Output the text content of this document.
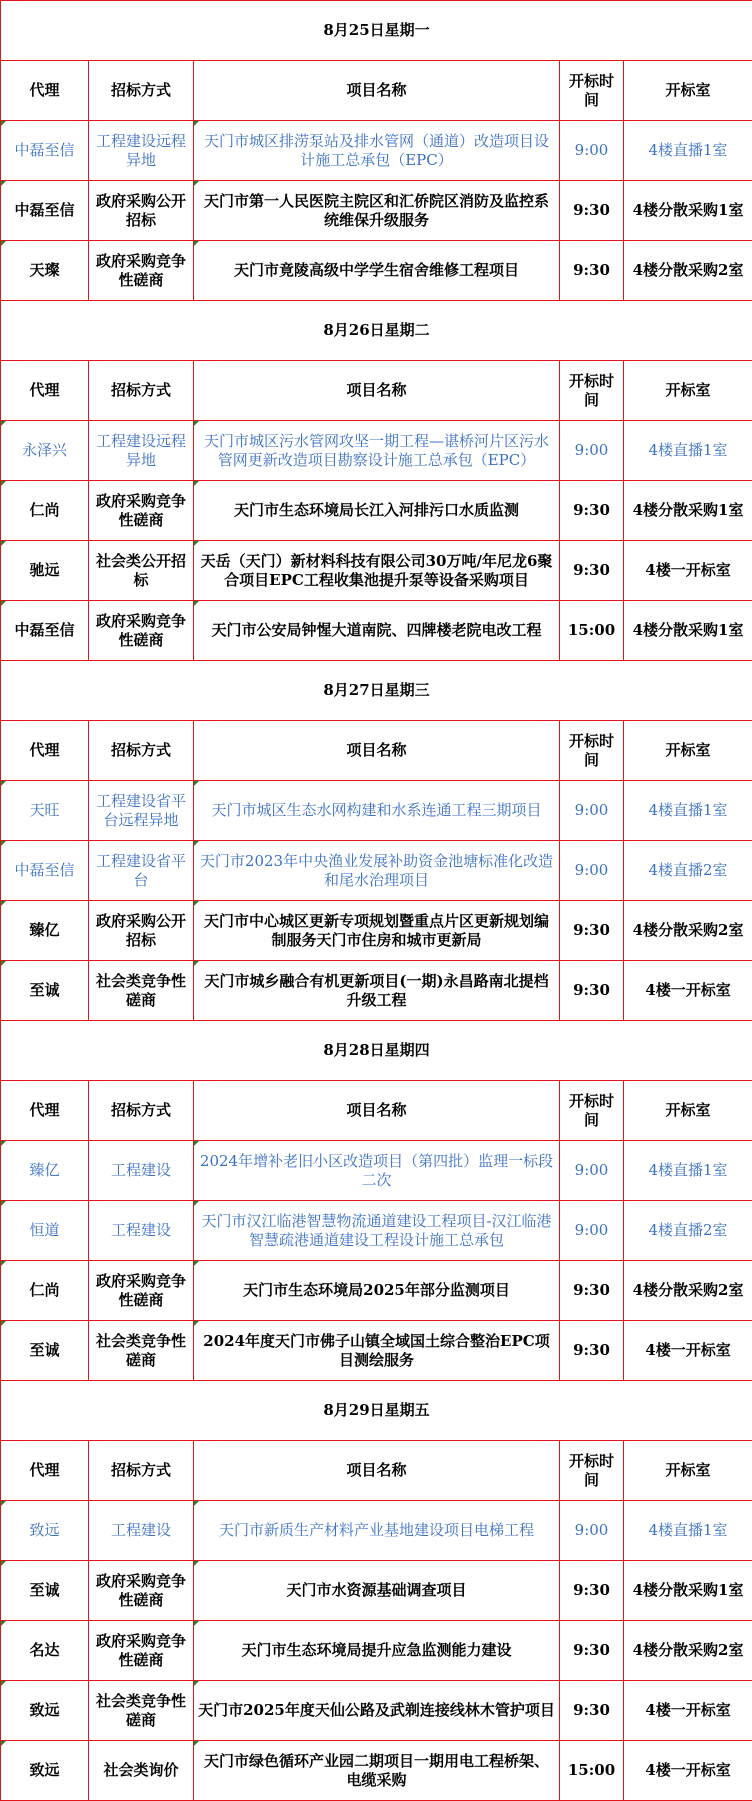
8月25日星期一				
代理	招标方式	项目名称	开标时间	开标室
中磊至信	工程建设远程异地	天门市城区排涝泵站及排水管网（通道）改造项目设计施工总承包（EPC）	9:00	4楼直播1室
中磊至信	政府采购公开招标	天门市第一人民医院主院区和汇侨院区消防及监控系统维保升级服务	9:30	4楼分散采购1室
天璨	政府采购竞争性磋商	天门市竟陵高级中学学生宿舍维修工程项目	9:30	4楼分散采购2室
8月26日星期二				
代理	招标方式	项目名称	开标时间	开标室
永泽兴	工程建设远程异地	天门市城区污水管网攻坚一期工程—谌桥河片区污水管网更新改造项目勘察设计施工总承包（EPC）	9:00	4楼直播1室
仁尚	政府采购竞争性磋商	天门市生态环境局长江入河排污口水质监测	9:30	4楼分散采购1室
驰远	社会类公开招标	天岳（天门）新材料科技有限公司30万吨/年尼龙6聚合项目EPC工程收集池提升泵等设备采购项目	9:30	4楼一开标室
中磊至信	政府采购竞争性磋商	天门市公安局钟惺大道南院、四牌楼老院电改工程	15:00	4楼分散采购1室
8月27日星期三				
代理	招标方式	项目名称	开标时间	开标室
天旺	工程建设省平台远程异地	天门市城区生态水网构建和水系连通工程三期项目	9:00	4楼直播1室
中磊至信	工程建设省平台	天门市2023年中央渔业发展补助资金池塘标准化改造和尾水治理项目	9:00	4楼直播2室
臻亿	政府采购公开招标	天门市中心城区更新专项规划暨重点片区更新规划编制服务天门市住房和城市更新局	9:30	4楼分散采购2室
至诚	社会类竞争性磋商	天门市城乡融合有机更新项目(一期)永昌路南北提档升级工程	9:30	4楼一开标室
8月28日星期四				
代理	招标方式	项目名称	开标时间	开标室
臻亿	工程建设	2024年增补老旧小区改造项目（第四批）监理一标段二次	9:00	4楼直播1室
恒道	工程建设	天门市汉江临港智慧物流通道建设工程项目-汉江临港智慧疏港通道建设工程设计施工总承包	9:00	4楼直播2室
仁尚	政府采购竞争性磋商	天门市生态环境局2025年部分监测项目	9:30	4楼分散采购2室
至诚	社会类竞争性磋商	2024年度天门市佛子山镇全域国土综合整治EPC项目测绘服务	9:30	4楼一开标室
8月29日星期五				
代理	招标方式	项目名称	开标时间	开标室
致远	工程建设	天门市新质生产材料产业基地建设项目电梯工程	9:00	4楼直播1室
至诚	政府采购竞争性磋商	天门市水资源基础调查项目	9:30	4楼分散采购1室
名达	政府采购竞争性磋商	天门市生态环境局提升应急监测能力建设	9:30	4楼分散采购2室
致远	社会类竞争性磋商	天门市2025年度天仙公路及武剃连接线林木管护项目	9:30	4楼一开标室
致远	社会类询价	天门市绿色循环产业园二期项目一期用电工程桥架、电缆采购	15:00	4楼一开标室
